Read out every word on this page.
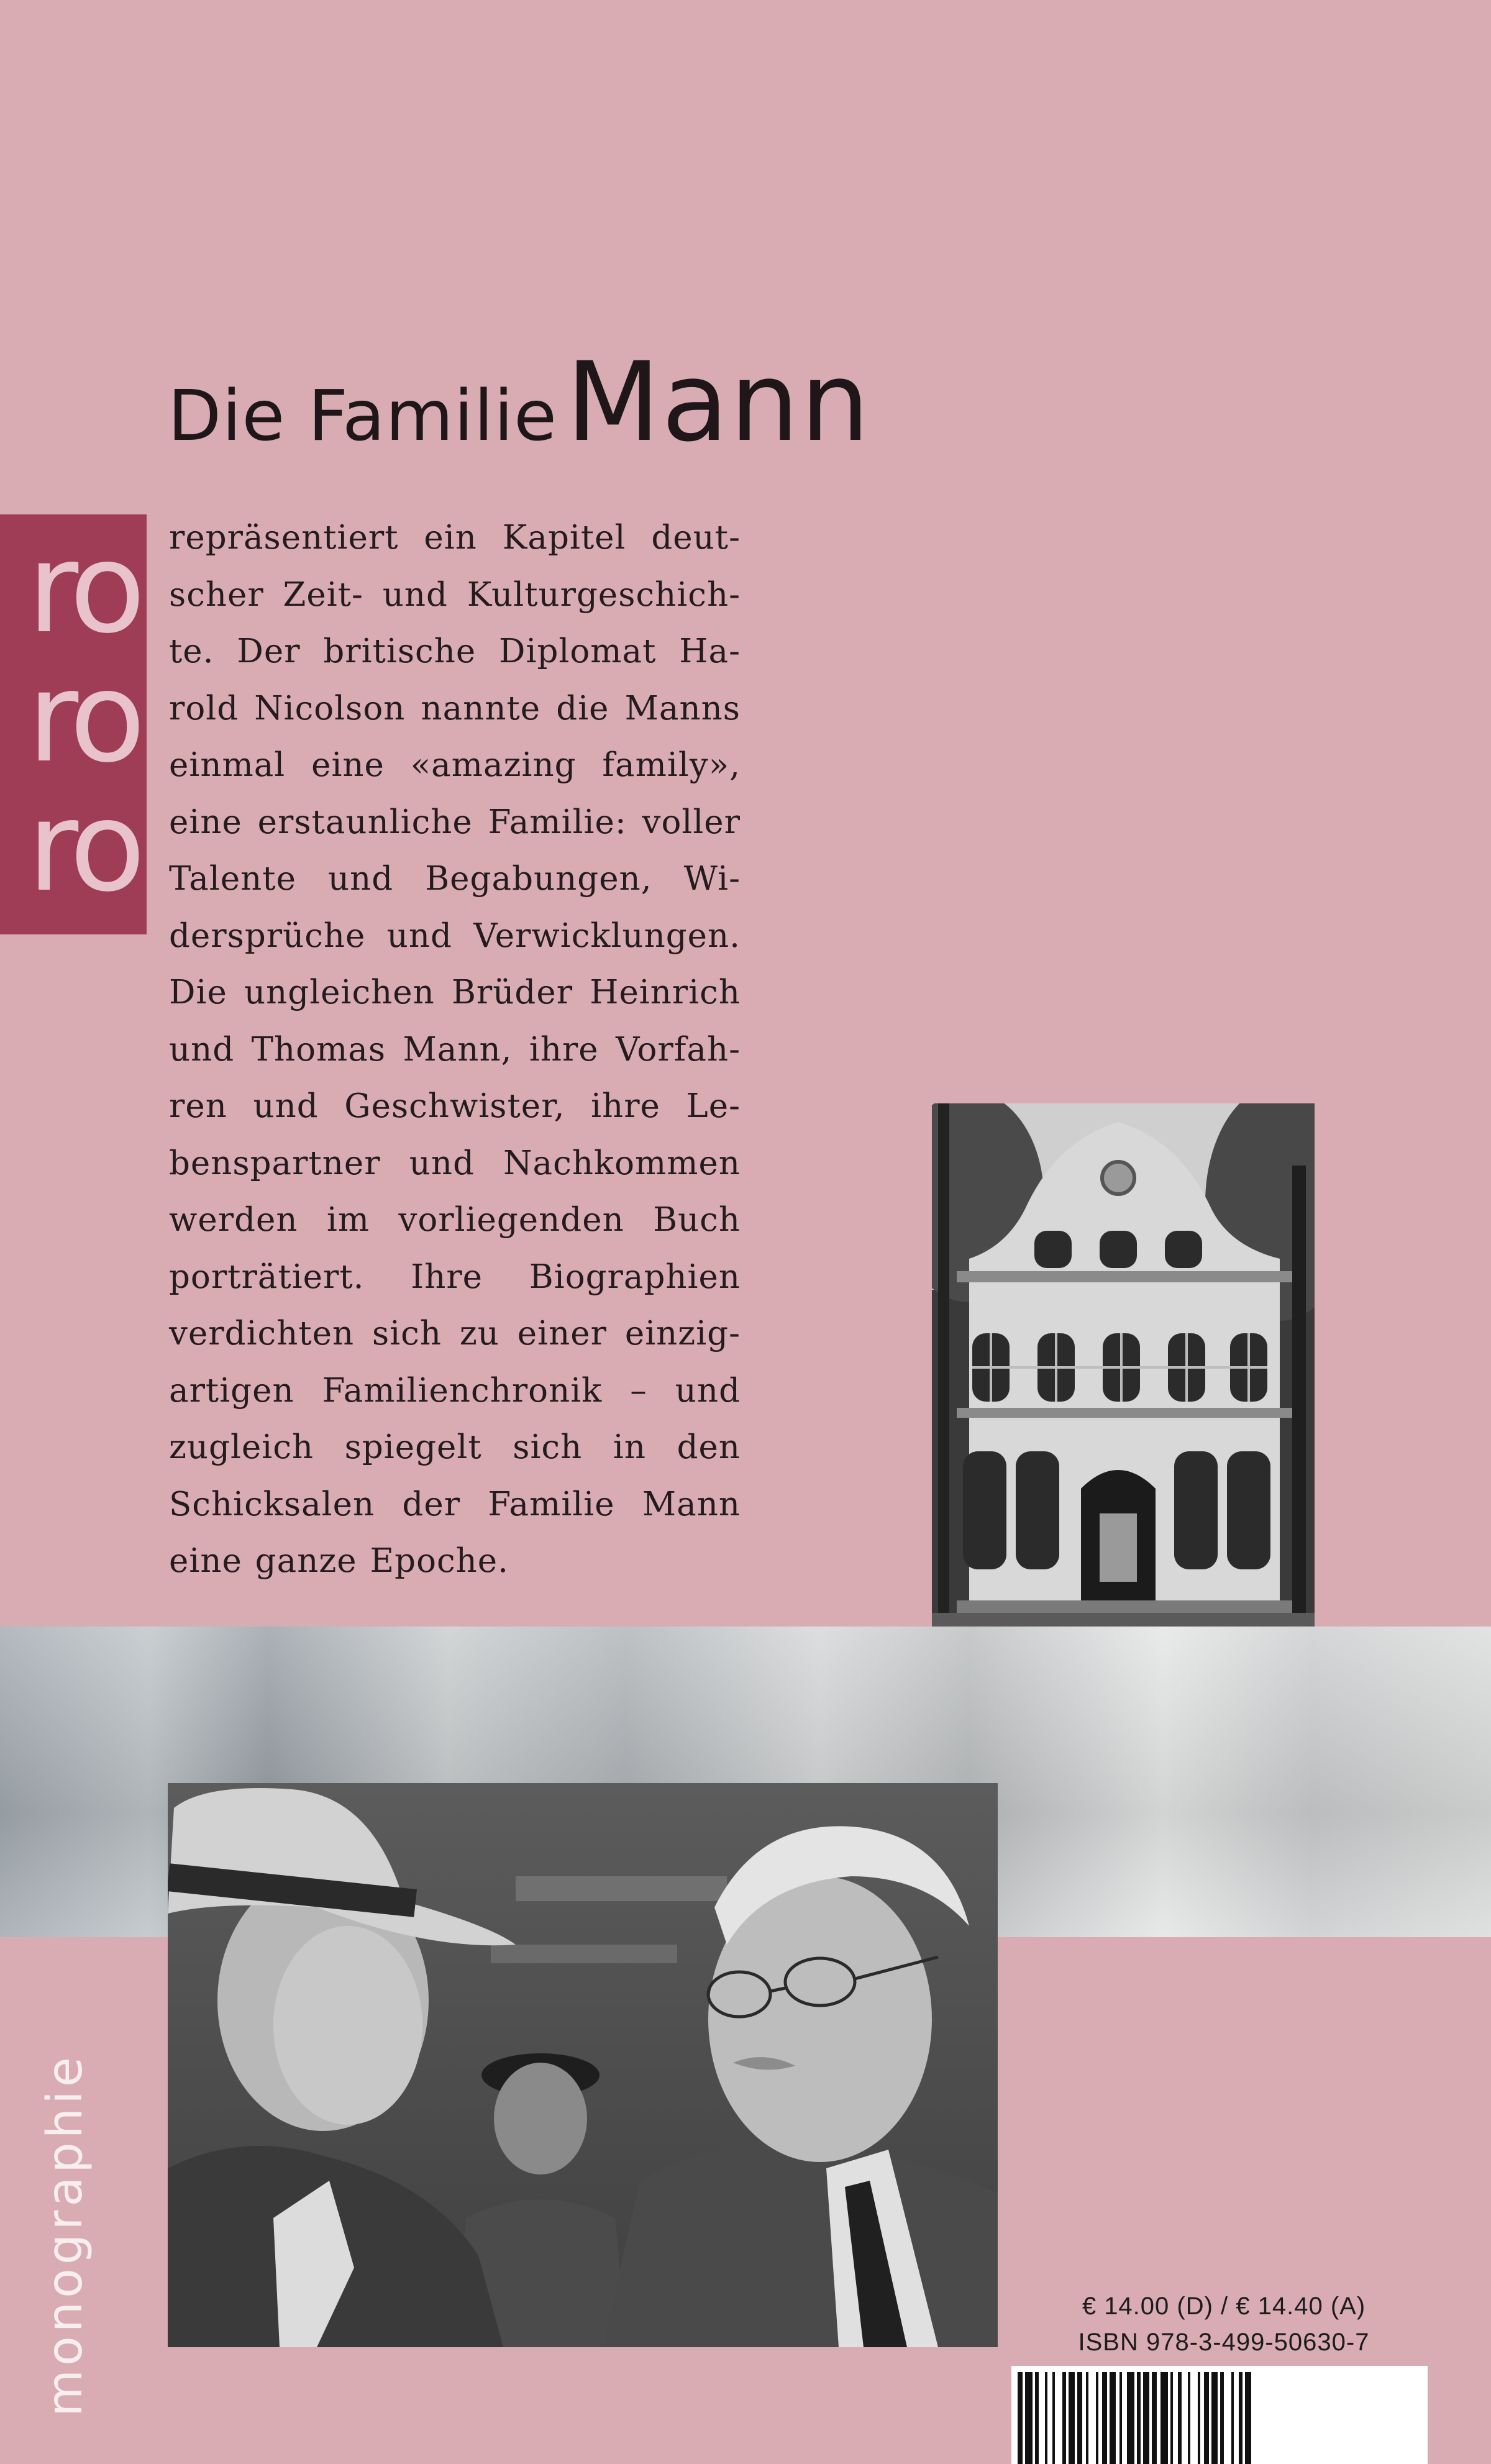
Die FamilieMann
ro
ro
ro
repräsentiert ein Kapitel deut-
scher Zeit- und Kulturgeschich-
te. Der britische Diplomat Ha-
rold Nicolson nannte die Manns
einmal eine «amazing family»,
eine erstaunliche Familie: voller
Talente und Begabungen, Wi-
dersprüche und Verwicklungen.
Die ungleichen Brüder Heinrich
und Thomas Mann, ihre Vorfah-
ren und Geschwister, ihre Le-
benspartner und Nachkommen
werden im vorliegenden Buch
porträtiert. Ihre Biographien
verdichten sich zu einer einzig-
artigen Familienchronik – und
zugleich spiegelt sich in den
Schicksalen der Familie Mann
eine ganze Epoche.
monographie	€ 14.00 (D) / € 14.40 (A)
ISBN 978-3-499-50630-7
